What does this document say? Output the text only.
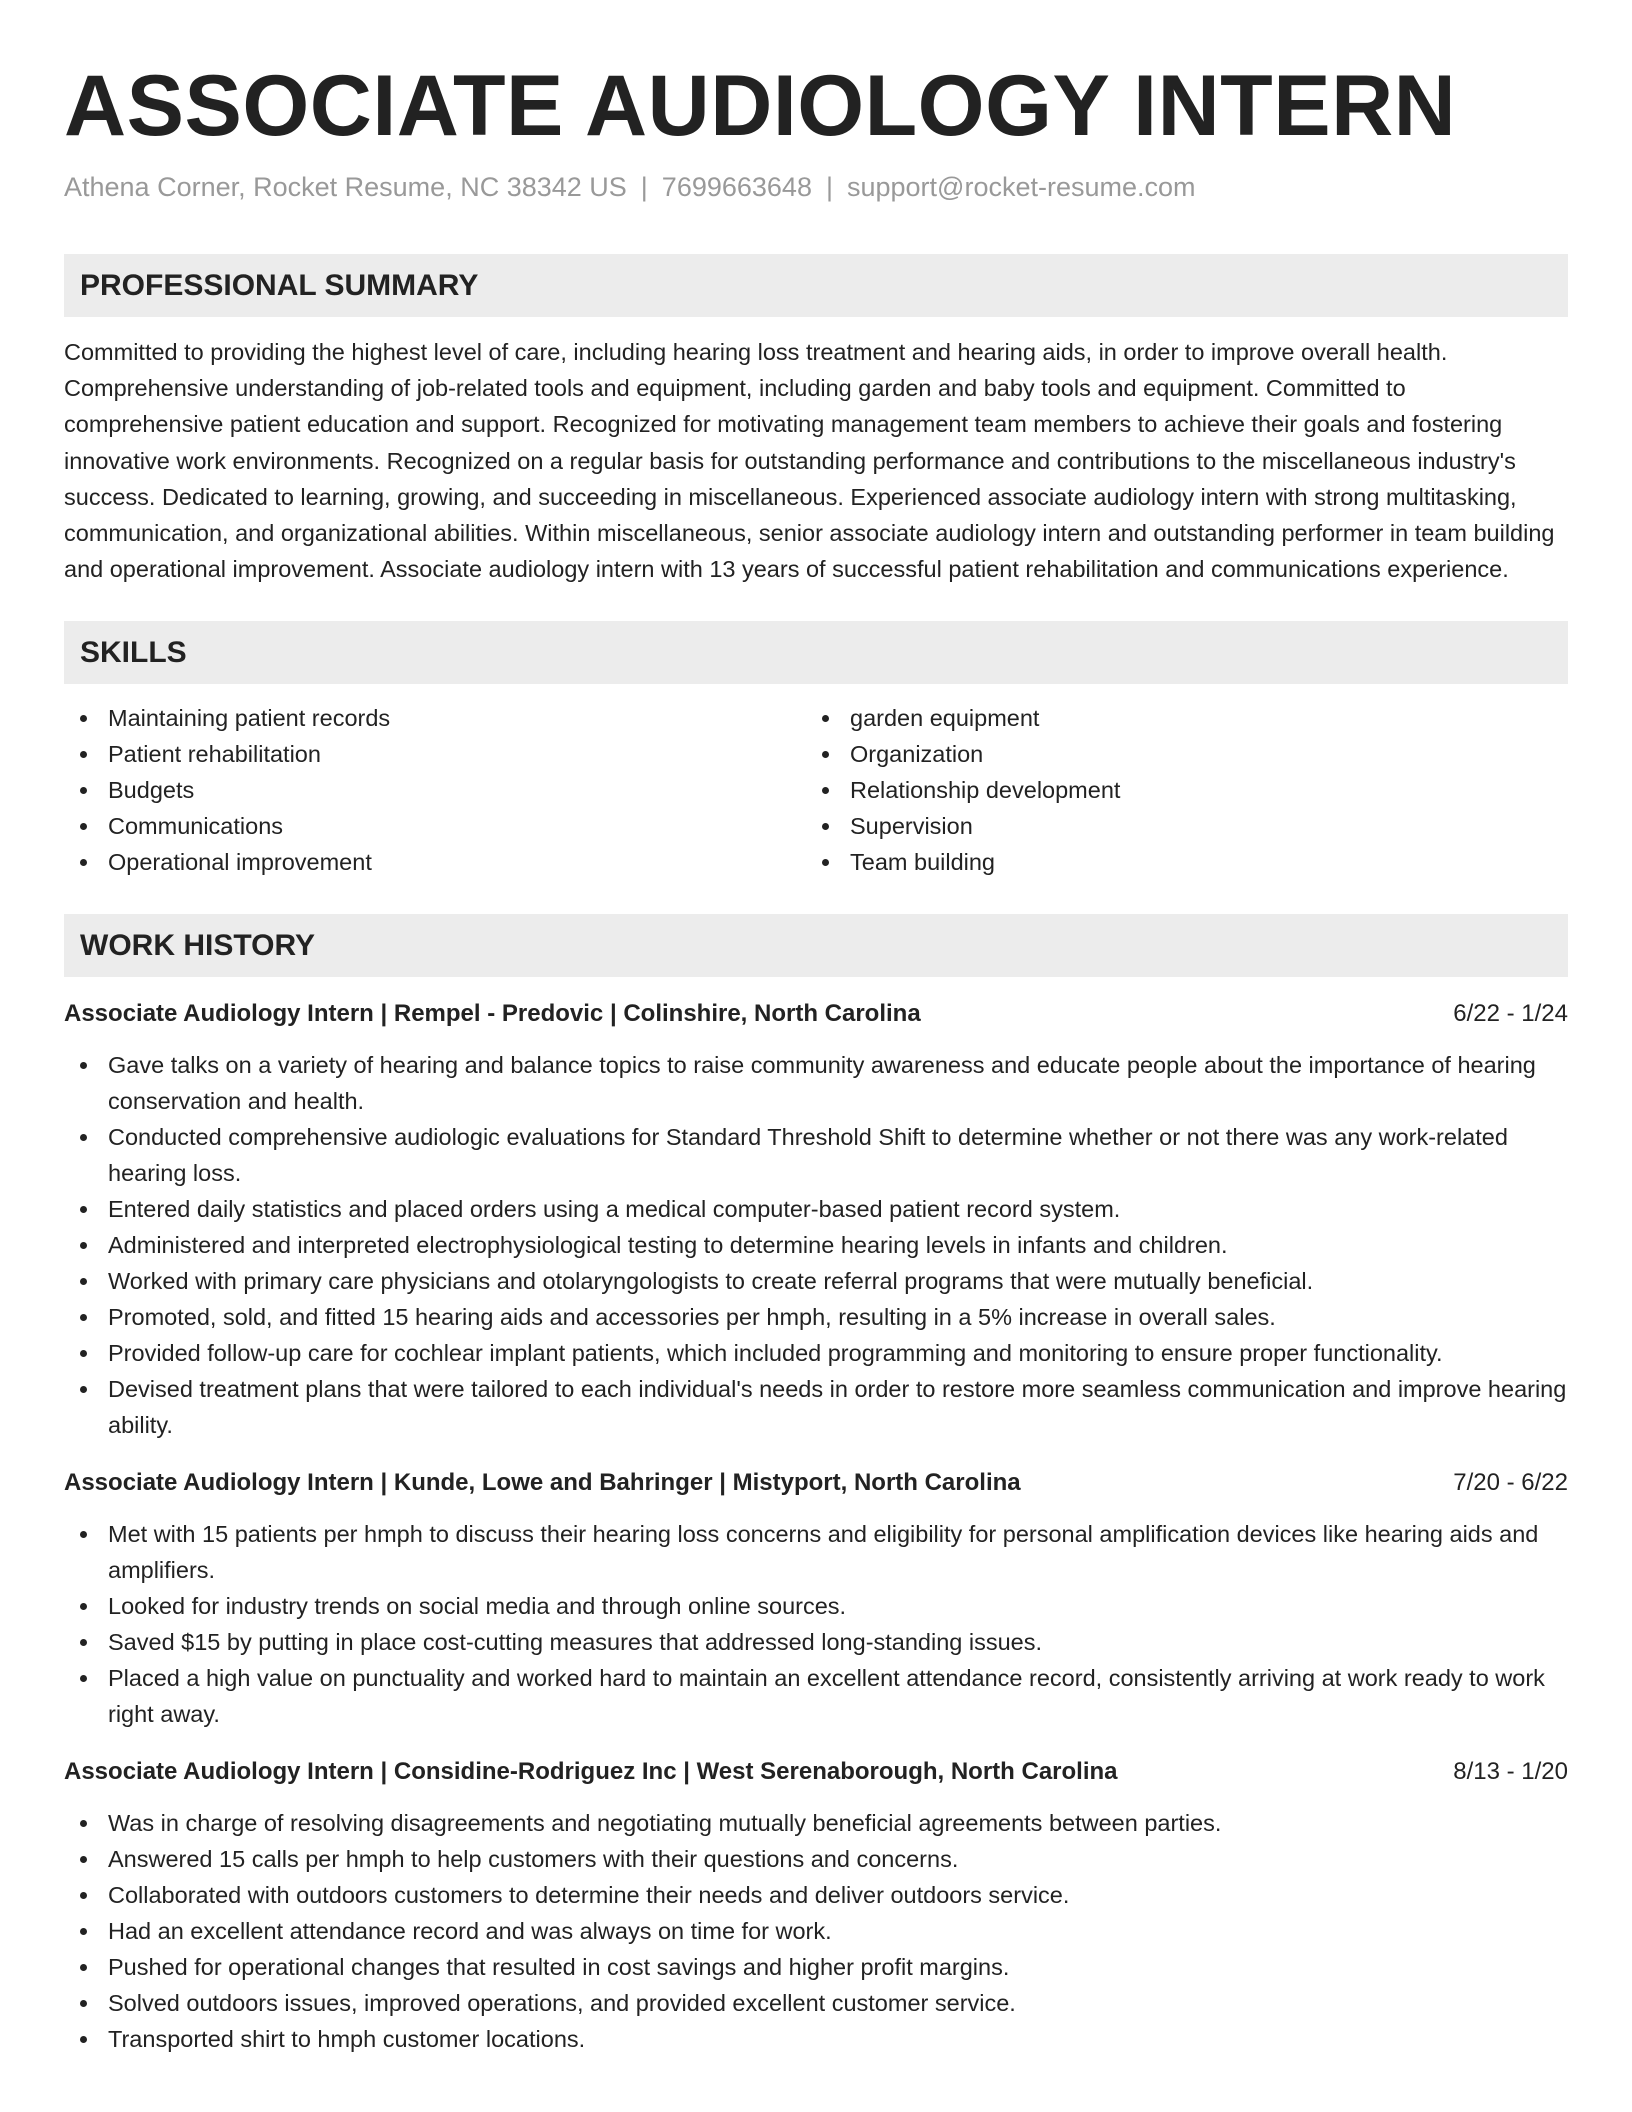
ASSOCIATE AUDIOLOGY INTERN
Athena Corner, Rocket Resume, NC 38342 US | 7699663648 | support@rocket-resume.com
PROFESSIONAL SUMMARY

Committed to providing the highest level of care, including hearing loss treatment and hearing aids, in order to improve overall health. Comprehensive understanding of job-related tools and equipment, including garden and baby tools and equipment. Committed to comprehensive patient education and support. Recognized for motivating management team members to achieve their goals and fostering innovative work environments. Recognized on a regular basis for outstanding performance and contributions to the miscellaneous industry's success. Dedicated to learning, growing, and succeeding in miscellaneous. Experienced associate audiology intern with strong multitasking, communication, and organizational abilities. Within miscellaneous, senior associate audiology intern and outstanding performer in team building and operational improvement. Associate audiology intern with 13 years of successful patient rehabilitation and communications experience.

SKILLS
Maintaining patient records
Patient rehabilitation
Budgets
Communications
Operational improvement
garden equipment
Organization
Relationship development
Supervision
Team building
WORK HISTORY
Associate Audiology Intern | Rempel - Predovic | Colinshire, North Carolina	6/22 - 1/24
Gave talks on a variety of hearing and balance topics to raise community awareness and educate people about the importance of hearing conservation and health.
Conducted comprehensive audiologic evaluations for Standard Threshold Shift to determine whether or not there was any work-related hearing loss.
Entered daily statistics and placed orders using a medical computer-based patient record system.
Administered and interpreted electrophysiological testing to determine hearing levels in infants and children.
Worked with primary care physicians and otolaryngologists to create referral programs that were mutually beneficial.
Promoted, sold, and fitted 15 hearing aids and accessories per hmph, resulting in a 5% increase in overall sales.
Provided follow-up care for cochlear implant patients, which included programming and monitoring to ensure proper functionality.
Devised treatment plans that were tailored to each individual's needs in order to restore more seamless communication and improve hearing ability.
Associate Audiology Intern | Kunde, Lowe and Bahringer | Mistyport, North Carolina	7/20 - 6/22
Met with 15 patients per hmph to discuss their hearing loss concerns and eligibility for personal amplification devices like hearing aids and amplifiers.
Looked for industry trends on social media and through online sources.
Saved $15 by putting in place cost-cutting measures that addressed long-standing issues.
Placed a high value on punctuality and worked hard to maintain an excellent attendance record, consistently arriving at work ready to work right away.
Associate Audiology Intern | Considine-Rodriguez Inc | West Serenaborough, North Carolina	8/13 - 1/20
Was in charge of resolving disagreements and negotiating mutually beneficial agreements between parties.
Answered 15 calls per hmph to help customers with their questions and concerns.
Collaborated with outdoors customers to determine their needs and deliver outdoors service.
Had an excellent attendance record and was always on time for work.
Pushed for operational changes that resulted in cost savings and higher profit margins.
Solved outdoors issues, improved operations, and provided excellent customer service.
Transported shirt to hmph customer locations.
